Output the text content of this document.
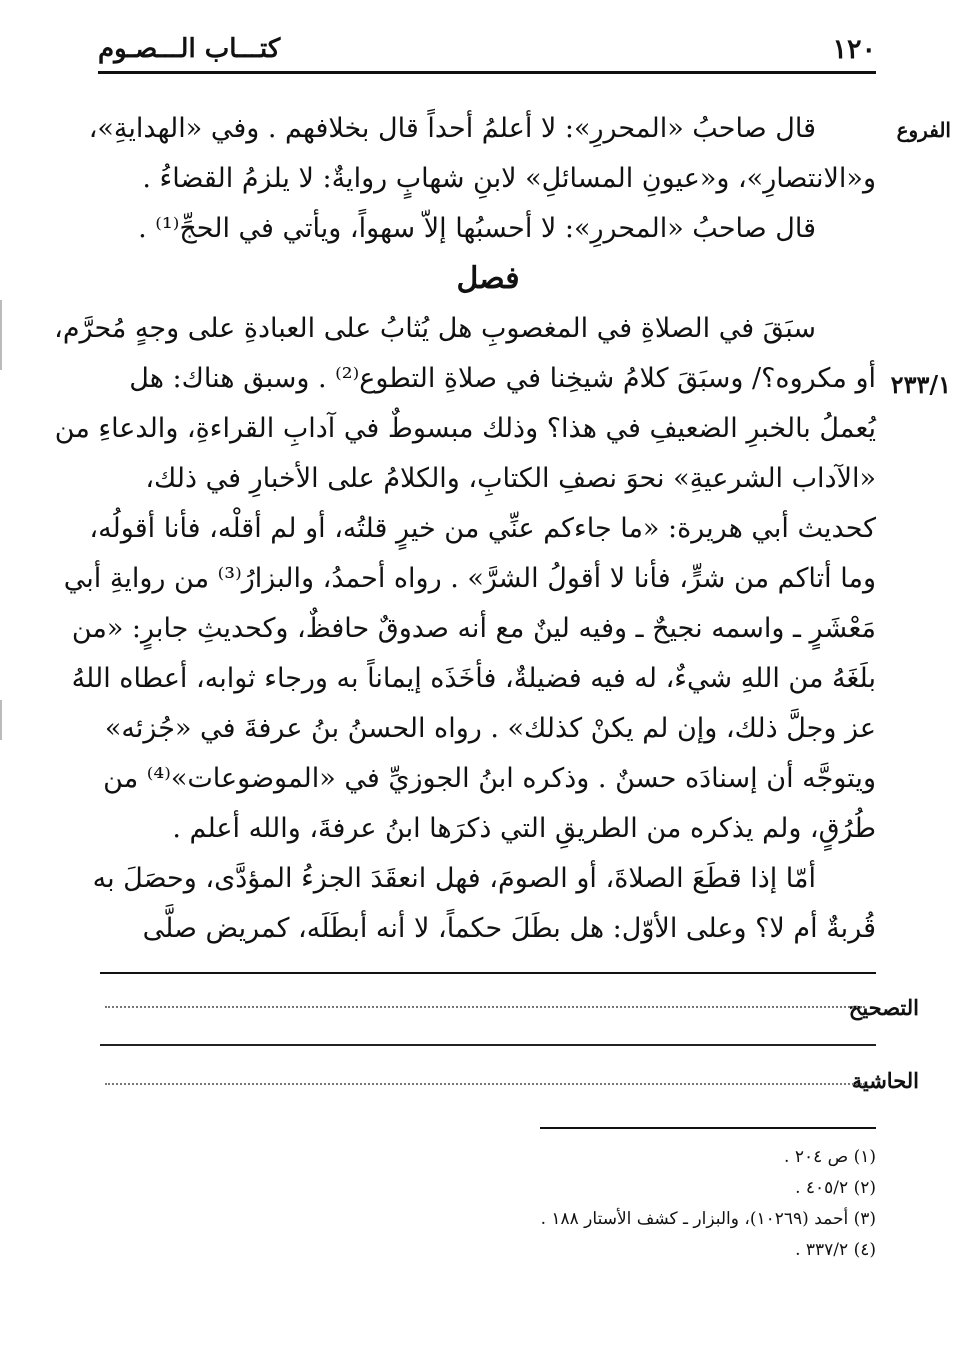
١٢٠
كتـــاب الـــصـوم
الفروع
٢٣٣/١
قال صاحبُ «المحررِ»: لا أعلمُ أحداً قال بخلافهم . وفي «الهدايةِ»،
و«الانتصارِ»، و«عيونِ المسائلِ» لابنِ شهابٍ روايةٌ: لا يلزمُ القضاءُ .
قال صاحبُ «المحررِ»: لا أحسبُها إلاّ سهواً، ويأتي في الحجِّ⁽¹⁾ .
فصل
سبَقَ في الصلاةِ في المغصوبِ هل يُثابُ على العبادةِ على وجهٍ مُحرَّم،
أو مكروه؟/ وسبَقَ كلامُ شيخِنا في صلاةِ التطوع⁽²⁾ . وسبق هناك: هل
يُعملُ بالخبرِ الضعيفِ في هذا؟ وذلك مبسوطٌ في آدابِ القراءةِ، والدعاءِ من
«الآداب الشرعيةِ» نحوَ نصفِ الكتابِ، والكلامُ على الأخبارِ في ذلك،
كحديث أبي هريرة: «ما جاءكم عنِّي من خيرٍ قلتُه، أو لم أقلْه، فأنا أقولُه،
وما أتاكم من شرٍّ، فأنا لا أقولُ الشرَّ» . رواه أحمدُ، والبزارُ⁽³⁾ من روايةِ أبي
مَعْشَرٍ ـ واسمه نجيحٌ ـ وفيه لينٌ مع أنه صدوقٌ حافظٌ، وكحديثِ جابرٍ: «من
بلَغَهُ من اللهِ شيءٌ، له فيه فضيلةٌ، فأخَذَه إيماناً به ورجاء ثوابه، أعطاه اللهُ
عز وجلَّ ذلك، وإن لم يكنْ كذلك» . رواه الحسنُ بنُ عرفةَ في «جُزئه»
ويتوجَّه أن إسنادَه حسنٌ . وذكره ابنُ الجوزيِّ في «الموضوعات»⁽⁴⁾ من
طُرُقٍ، ولم يذكره من الطريقِ التي ذكرَها ابنُ عرفةَ، والله أعلم .
أمّا إذا قطَعَ الصلاةَ، أو الصومَ، فهل انعقَدَ الجزءُ المؤدَّى، وحصَلَ به
قُربةٌ أم لا؟ وعلى الأوّل: هل بطَلَ حكماً، لا أنه أبطَلَه، كمريض صلَّى
التصحيح
الحاشية
(١) ص ٢٠٤ .
(٢) ٤٠٥/٢ .
(٣) أحمد (١٠٢٦٩)، والبزار ـ كشف الأستار ١٨٨ .
(٤) ٣٣٧/٢ .
